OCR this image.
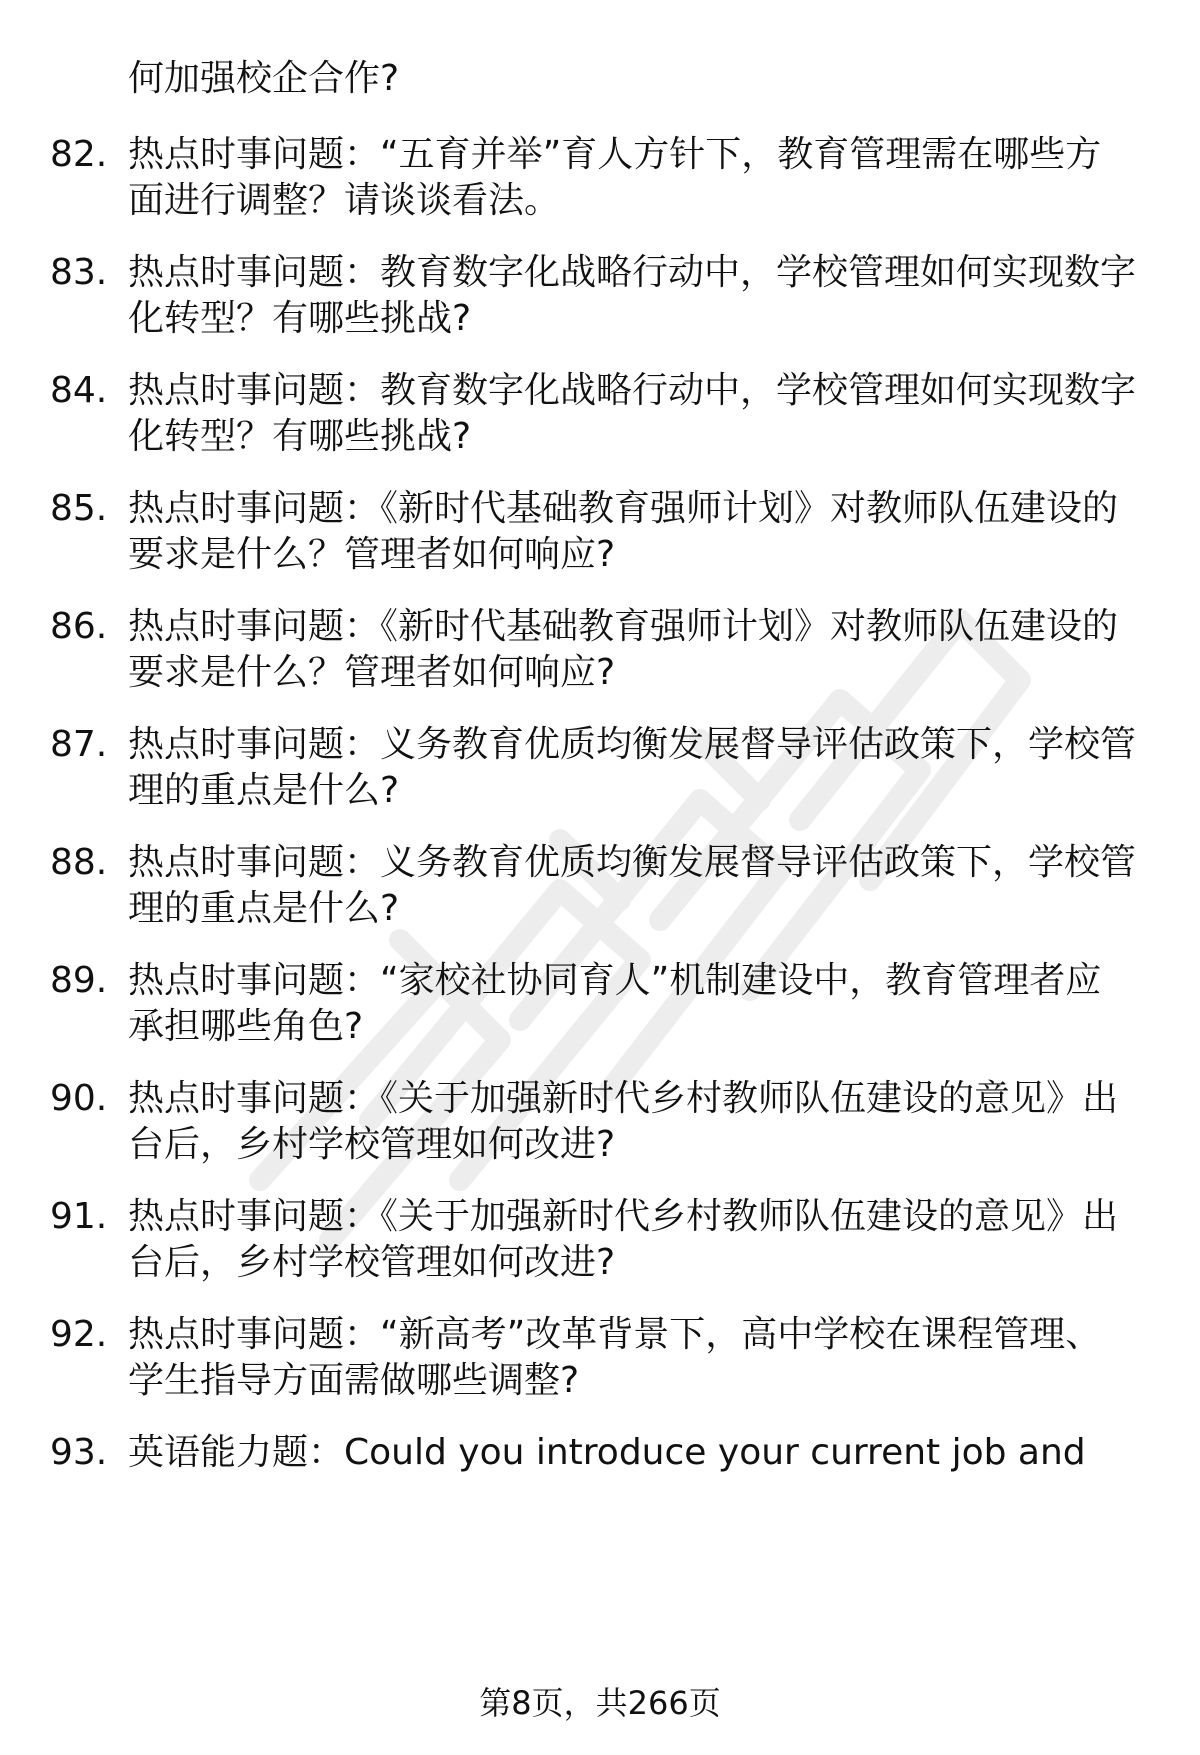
何加强校企合作?
82. 热点时事问题：“五育并举”育人方针下，教育管理需在哪些方
面进行调整？请谈谈看法。
83. 热点时事问题：教育数字化战略行动中，学校管理如何实现数字
化转型？有哪些挑战?
84. 热点时事问题：教育数字化战略行动中，学校管理如何实现数字
化转型？有哪些挑战?
85. 热点时事问题：《新时代基础教育强师计划》对教师队伍建设的
要求是什么？管理者如何响应?
86. 热点时事问题：《新时代基础教育强师计划》对教师队伍建设的
要求是什么？管理者如何响应?
87. 热点时事问题：义务教育优质均衡发展督导评估政策下，学校管
理的重点是什么?
88. 热点时事问题：义务教育优质均衡发展督导评估政策下，学校管
理的重点是什么?
89. 热点时事问题：“家校社协同育人”机制建设中，教育管理者应
承担哪些角色?
90. 热点时事问题：《关于加强新时代乡村教师队伍建设的意见》出
台后，乡村学校管理如何改进?
91. 热点时事问题：《关于加强新时代乡村教师队伍建设的意见》出
台后，乡村学校管理如何改进?
92. 热点时事问题：“新高考”改革背景下，高中学校在课程管理、
学生指导方面需做哪些调整?
93. 英语能力题：Could you introduce your current job and
第8页，共266页
